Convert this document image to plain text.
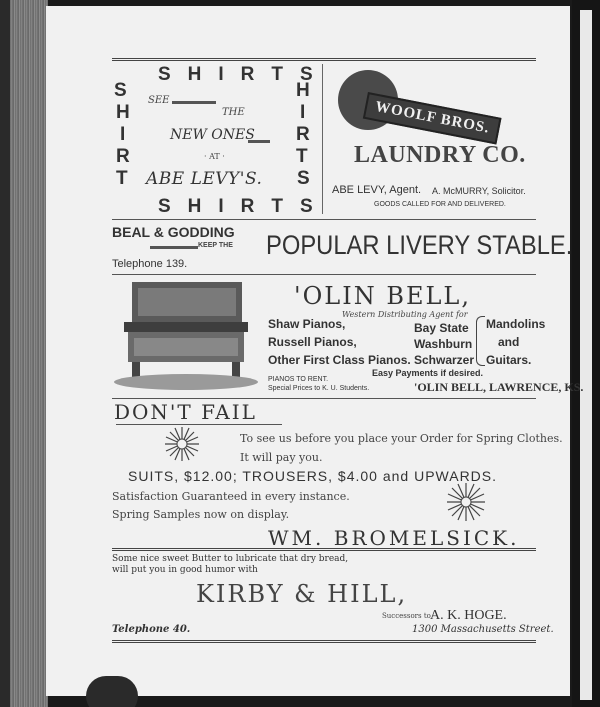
SHIRTS
SHIRTS
S
H
I
R
T
H
I
R
T
S
SEE
THE
NEW ONES
· AT ·
ABE LEVY'S.
WOOLF BROS.
LAUNDRY CO.
ABE LEVY, Agent. A. McMURRY, Solicitor.
GOODS CALLED FOR AND DELIVERED.
BEAL & GODDING
KEEP THE POPULAR LIVERY STABLE.
Telephone 139.
'OLIN BELL,
Western Distributing Agent for
Shaw Pianos,
Russell Pianos,
Other First Class Pianos.
Bay State
Washburn
Schwarzer
Mandolins
and
Guitars.
Easy Payments if desired.
PIANOS TO RENT.
Special Prices to K. U. Students.	'OLIN BELL, LAWRENCE, KS.
DON'T FAIL
To see us before you place your Order for Spring Clothes.
It will pay you.
SUITS, $12.00; TROUSERS, $4.00 and UPWARDS.
Satisfaction Guaranteed in every instance.
Spring Samples now on display.
WM. BROMELSICK.
Some nice sweet Butter to lubricate that dry bread,
will put you in good humor with
KIRBY & HILL,
Successors to A. K. HOGE.
Telephone 40.	1300 Massachusetts Street.
